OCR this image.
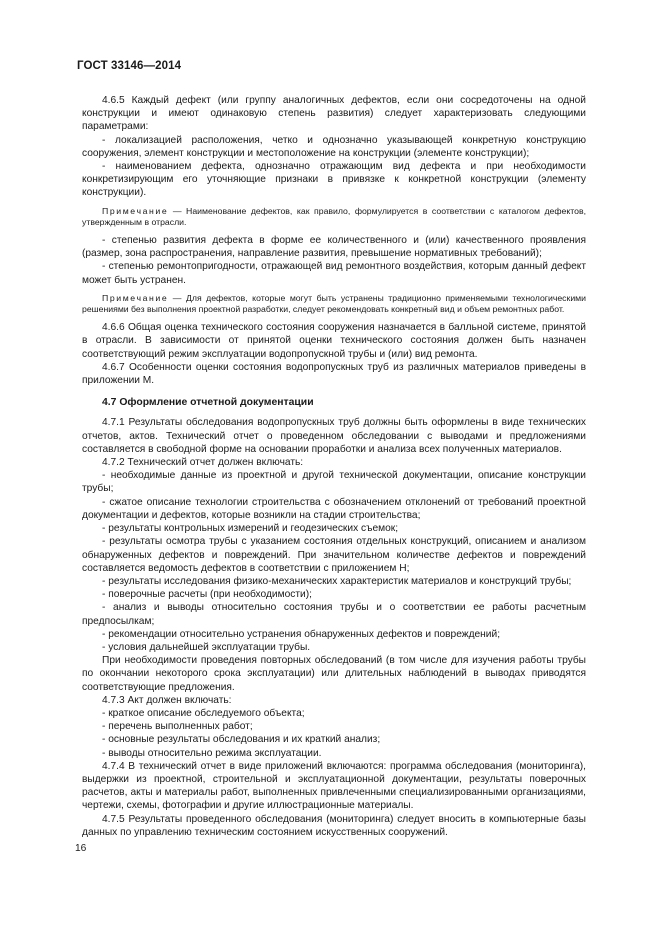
ГОСТ 33146—2014

4.6.5 Каждый дефект (или группу аналогичных дефектов, если они сосредоточены на одной конструкции и имеют одинаковую степень развития) следует характеризовать следующими параметрами:

- локализацией расположения, четко и однозначно указывающей конкретную конструкцию сооружения, элемент конструкции и местоположение на конструкции (элементе конструкции);

- наименованием дефекта, однозначно отражающим вид дефекта и при необходимости конкретизирующим его уточняющие признаки в привязке к конкретной конструкции (элементу конструкции).

Примечание — Наименование дефектов, как правило, формулируется в соответствии с каталогом дефектов, утвержденным в отрасли.

- степенью развития дефекта в форме ее количественного и (или) качественного проявления (размер, зона распространения, направление развития, превышение нормативных требований);

- степенью ремонтопригодности, отражающей вид ремонтного воздействия, которым данный дефект может быть устранен.

Примечание — Для дефектов, которые могут быть устранены традиционно применяемыми технологическими решениями без выполнения проектной разработки, следует рекомендовать конкретный вид и объем ремонтных работ.

4.6.6 Общая оценка технического состояния сооружения назначается в балльной системе, принятой в отрасли. В зависимости от принятой оценки технического состояния должен быть назначен соответствующий режим эксплуатации водопропускной трубы и (или) вид ремонта.

4.6.7 Особенности оценки состояния водопропускных труб из различных материалов приведены в приложении М.

4.7 Оформление отчетной документации

4.7.1 Результаты обследования водопропускных труб должны быть оформлены в виде технических отчетов, актов. Технический отчет о проведенном обследовании с выводами и предложениями составляется в свободной форме на основании проработки и анализа всех полученных материалов.

4.7.2 Технический отчет должен включать:

- необходимые данные из проектной и другой технической документации, описание конструкции трубы;

- сжатое описание технологии строительства с обозначением отклонений от требований проектной документации и дефектов, которые возникли на стадии строительства;

- результаты контрольных измерений и геодезических съемок;

- результаты осмотра трубы с указанием состояния отдельных конструкций, описанием и анализом обнаруженных дефектов и повреждений. При значительном количестве дефектов и повреждений составляется ведомость дефектов в соответствии с приложением Н;

- результаты исследования физико-механических характеристик материалов и конструкций трубы;

- поверочные расчеты (при необходимости);

- анализ и выводы относительно состояния трубы и о соответствии ее работы расчетным предпосылкам;

- рекомендации относительно устранения обнаруженных дефектов и повреждений;

- условия дальнейшей эксплуатации трубы.

При необходимости проведения повторных обследований (в том числе для изучения работы трубы по окончании некоторого срока эксплуатации) или длительных наблюдений в выводах приводятся соответствующие предложения.

4.7.3 Акт должен включать:

- краткое описание обследуемого объекта;

- перечень выполненных работ;

- основные результаты обследования и их краткий анализ;

- выводы относительно режима эксплуатации.

4.7.4 В технический отчет в виде приложений включаются: программа обследования (мониторинга), выдержки из проектной, строительной и эксплуатационной документации, результаты поверочных расчетов, акты и материалы работ, выполненных привлеченными специализированными организациями, чертежи, схемы, фотографии и другие иллюстрационные материалы.

4.7.5 Результаты проведенного обследования (мониторинга) следует вносить в компьютерные базы данных по управлению техническим состоянием искусственных сооружений.

16
